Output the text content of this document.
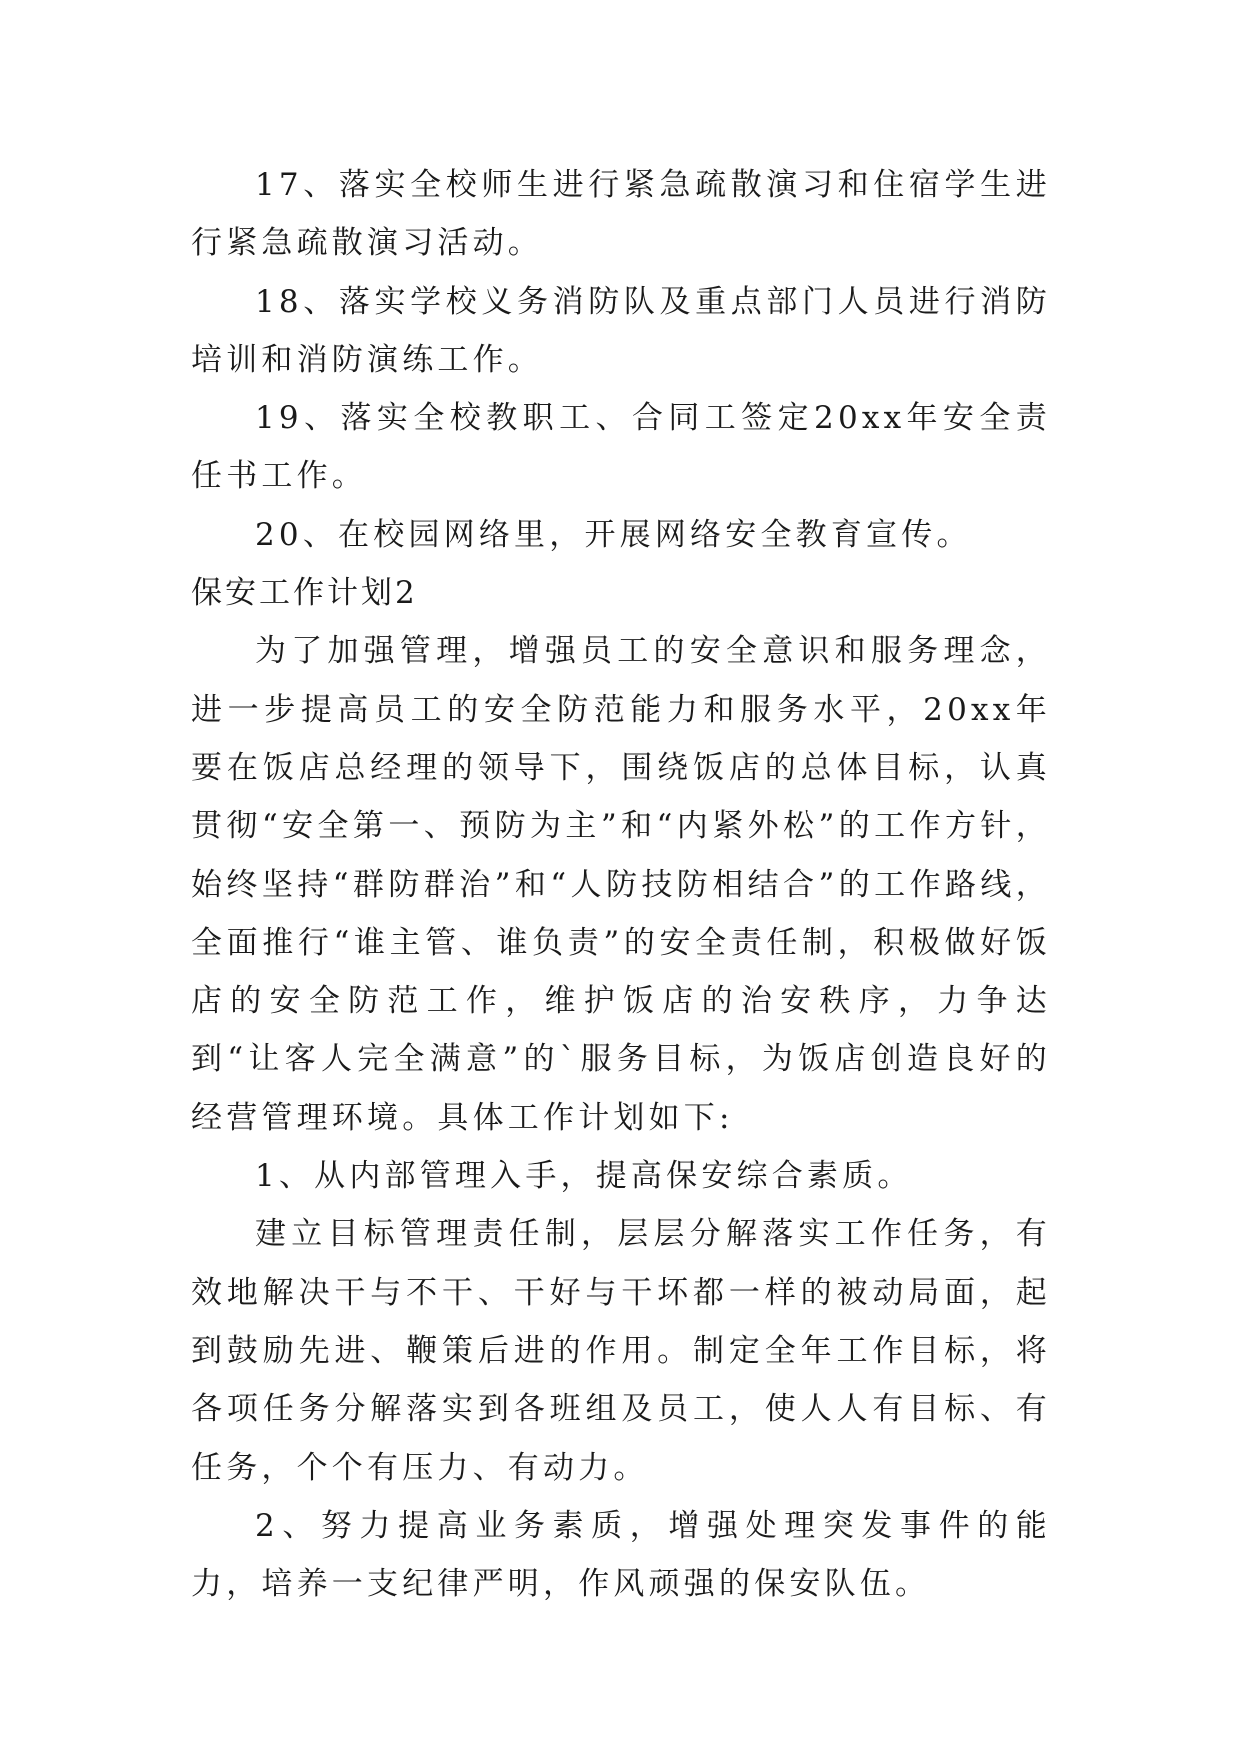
17、落实全校师生进行紧急疏散演习和住宿学生进行紧急疏散演习活动。

18、落实学校义务消防队及重点部门人员进行消防培训和消防演练工作。

19、落实全校教职工、合同工签定20xx年安全责任书工作。

20、在校园网络里，开展网络安全教育宣传。

保安工作计划2

为了加强管理，增强员工的安全意识和服务理念，进一步提高员工的安全防范能力和服务水平，20xx年要在饭店总经理的领导下，围绕饭店的总体目标，认真贯彻“安全第一、预防为主”和“内紧外松”的工作方针，始终坚持“群防群治”和“人防技防相结合”的工作路线，全面推行“谁主管、谁负责”的安全责任制，积极做好饭店的安全防范工作，维护饭店的治安秩序，力争达到“让客人完全满意”的`服务目标，为饭店创造良好的经营管理环境。具体工作计划如下:

1、从内部管理入手，提高保安综合素质。

建立目标管理责任制，层层分解落实工作任务，有效地解决干与不干、干好与干坏都一样的被动局面，起到鼓励先进、鞭策后进的作用。制定全年工作目标，将各项任务分解落实到各班组及员工，使人人有目标、有任务，个个有压力、有动力。

2、努力提高业务素质，增强处理突发事件的能力，培养一支纪律严明，作风顽强的保安队伍。
